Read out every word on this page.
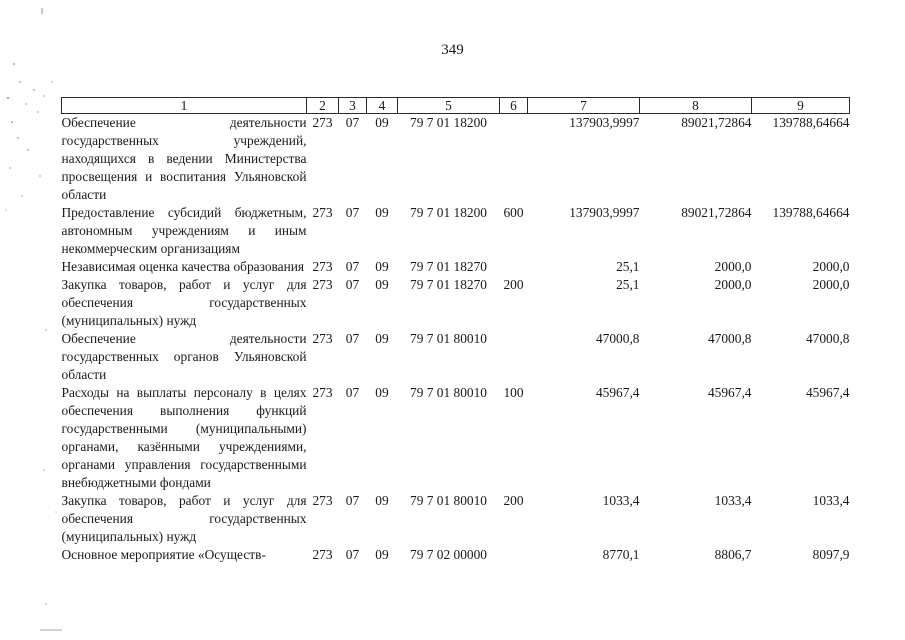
349
1	2	3	4	5	6	7	8	9
Обеспечение деятельности государственных учреждений, находящихся в ведении Министерства просвещения и воспитания Ульяновской области	273	07	09	79 7 01 18200		137903,9997	89021,72864	139788,64664
Предоставление субсидий бюджетным, автономным учреждениям и иным некоммерческим организациям	273	07	09	79 7 01 18200	600	137903,9997	89021,72864	139788,64664
Независимая оценка качества образования	273	07	09	79 7 01 18270		25,1	2000,0	2000,0
Закупка товаров, работ и услуг для обеспечения государственных (муниципальных) нужд	273	07	09	79 7 01 18270	200	25,1	2000,0	2000,0
Обеспечение деятельности государственных органов Ульяновской области	273	07	09	79 7 01 80010		47000,8	47000,8	47000,8
Расходы на выплаты персоналу в целях обеспечения выполнения функций государственными (муниципальными) органами, казёнными учреждениями, органами управления государственными внебюджетными фондами	273	07	09	79 7 01 80010	100	45967,4	45967,4	45967,4
Закупка товаров, работ и услуг для обеспечения государственных (муниципальных) нужд	273	07	09	79 7 01 80010	200	1033,4	1033,4	1033,4
Основное мероприятие «Осуществ-	273	07	09	79 7 02 00000		8770,1	8806,7	8097,9
